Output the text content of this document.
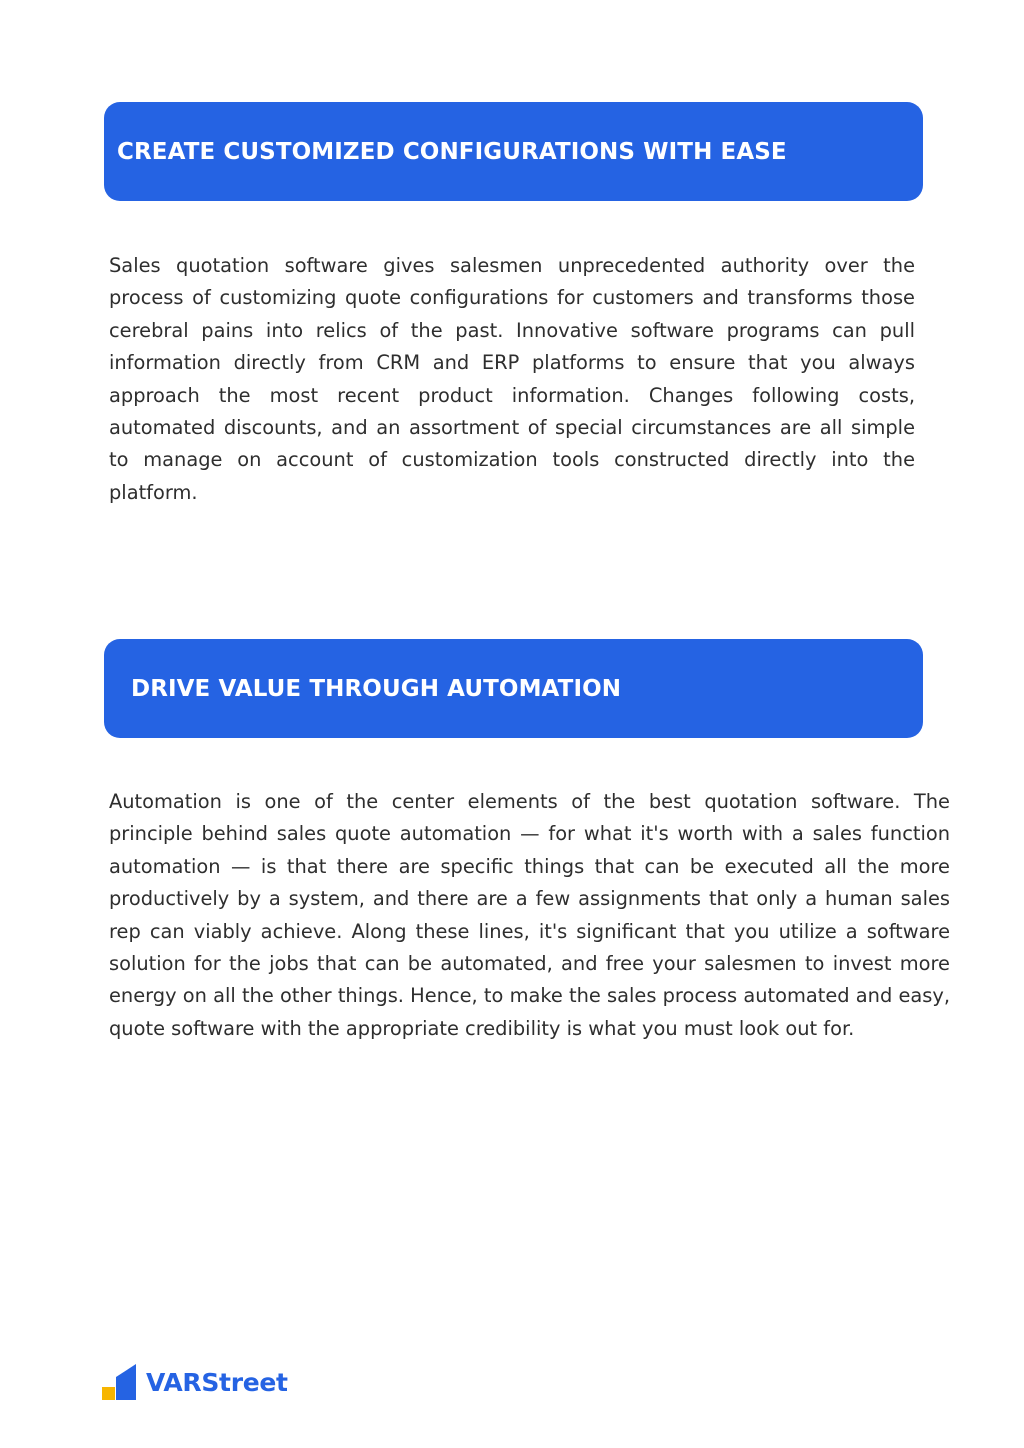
CREATE CUSTOMIZED CONFIGURATIONS WITH EASE

Sales quotation software gives salesmen unprecedented authority over the process of customizing quote configurations for customers and transforms those cerebral pains into relics of the past. Innovative software programs can pull information directly from CRM and ERP platforms to ensure that you always approach the most recent product information. Changes following costs, automated discounts, and an assortment of special circumstances are all simple to manage on account of customization tools constructed directly into the platform.

DRIVE VALUE THROUGH AUTOMATION

Automation is one of the center elements of the best quotation software. The principle behind sales quote automation — for what it's worth with a sales function automation — is that there are specific things that can be executed all the more productively by a system, and there are a few assignments that only a human sales rep can viably achieve. Along these lines, it's significant that you utilize a software solution for the jobs that can be automated, and free your salesmen to invest more energy on all the other things. Hence, to make the sales process automated and easy, quote software with the appropriate credibility is what you must look out for.

VARStreet
